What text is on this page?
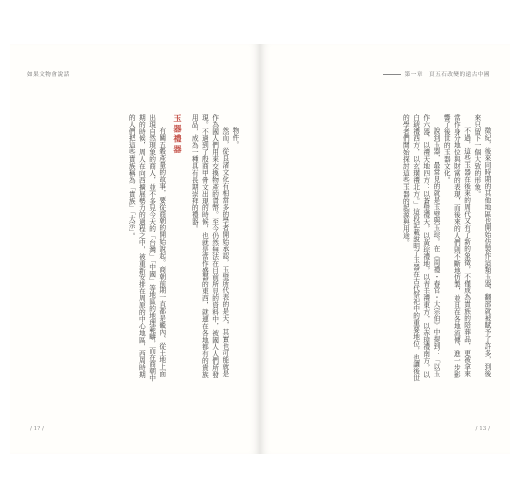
如果文物會說話

物件。

然而，從良渚文化有相當多的學者開始承認，玉璧所代表的是天，其實也可能就是作為國人們用來交換物產的貨幣。至今仍然無法在目前所見的資料中，被國人人們所發現。不過到了殷商甲骨文出現的時候，也就是當作盛器的東西，就連在各地都有的貴族用品，成為一種具有長期崇拜的禮器。

玉器禮器

有關五穀產量的故事，要從商朝的開始說起。商朝前期一直都是畿內、從土地上面出現自然現象的商人，並不多見今天的「台灣」「中國」等地區的地理範疇，而在商朝中期的時候，周人在向西擴展勢力的過程之中，被重新安排在周原的中心地區，西周時期的人們把這些貴族稱為「貴族」「大宗」。

/ 1? /
第一章　頁五石改變的遠古中國

徵紀，後來同時期的其他地區也開始仿製作這類玉器，翻部就被賦予了許多，到後來只留下一個大致的形象。

不過，這些玉器在後來的周代又有了新的象徵，不僅成為貴族的陪葬品，更被拿來當作身分地位與財富的表現，而後來的人們則不斷地仿製，並且在各地流傳，進一步影響了後世的玉器文化。

說到玉器，最常見的就是玉璧與玉琮。在《周禮・春官・大宗伯》中提到：「以玉作六器，以禮天地四方：以蒼璧禮天，以黃琮禮地，以青圭禮東方，以赤璋禮南方，以白琥禮西方，以玄璜禮北方。」這段記載說明了玉器在古代祭祀中的重要地位，也讓後世的學者們開始探討這些玉器的起源與用途。

/ 13 /
